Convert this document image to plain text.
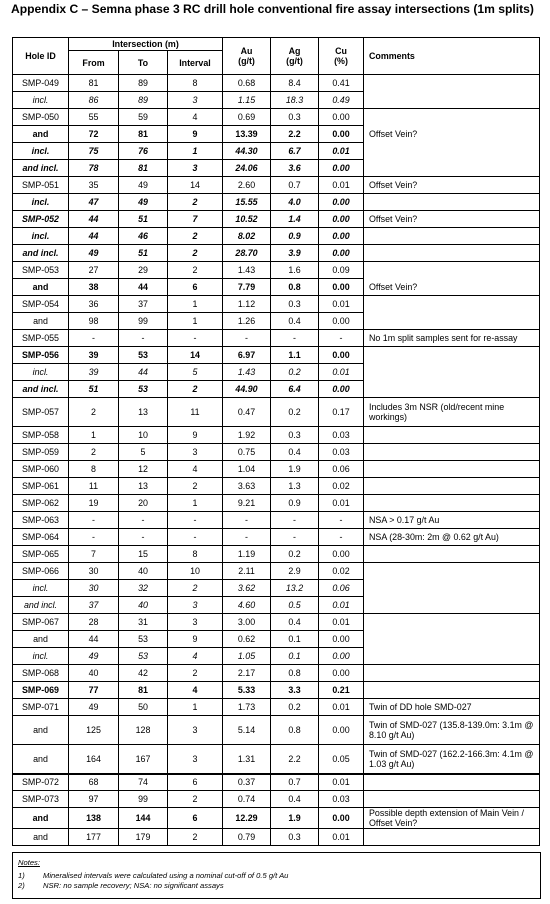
Appendix C – Semna phase 3 RC drill hole conventional fire assay intersections (1m splits)
Hole ID	Intersection (m)			Au
(g/t)	Ag
(g/t)	Cu
(%)	Comments
	From	To	Interval				
SMP-049	81	89	8	0.68	8.4	0.41	
incl.	86	89	3	1.15	18.3	0.49	
SMP-050	55	59	4	0.69	0.3	0.00	Offset Vein?
and	72	81	9	13.39	2.2	0.00	
incl.	75	76	1	44.30	6.7	0.01	
and incl.	78	81	3	24.06	3.6	0.00	
SMP-051	35	49	14	2.60	0.7	0.01	Offset Vein?
incl.	47	49	2	15.55	4.0	0.00	
SMP-052	44	51	7	10.52	1.4	0.00	Offset Vein?
incl.	44	46	2	8.02	0.9	0.00	
and incl.	49	51	2	28.70	3.9	0.00	
SMP-053	27	29	2	1.43	1.6	0.09	Offset Vein?
and	38	44	6	7.79	0.8	0.00	
SMP-054	36	37	1	1.12	0.3	0.01	
and	98	99	1	1.26	0.4	0.00	
SMP-055	-	-	-	-	-	-	No 1m split samples sent for re-assay
SMP-056	39	53	14	6.97	1.1	0.00	
incl.	39	44	5	1.43	0.2	0.01	
and incl.	51	53	2	44.90	6.4	0.00	
SMP-057	2	13	11	0.47	0.2	0.17	Includes 3m NSR (old/recent mine workings)
SMP-058	1	10	9	1.92	0.3	0.03	
SMP-059	2	5	3	0.75	0.4	0.03	
SMP-060	8	12	4	1.04	1.9	0.06	
SMP-061	11	13	2	3.63	1.3	0.02	
SMP-062	19	20	1	9.21	0.9	0.01	
SMP-063	-	-	-	-	-	-	NSA > 0.17 g/t Au
SMP-064	-	-	-	-	-	-	NSA (28-30m: 2m @ 0.62 g/t Au)
SMP-065	7	15	8	1.19	0.2	0.00	
SMP-066	30	40	10	2.11	2.9	0.02	
incl.	30	32	2	3.62	13.2	0.06	
and incl.	37	40	3	4.60	0.5	0.01	
SMP-067	28	31	3	3.00	0.4	0.01	
and	44	53	9	0.62	0.1	0.00	
incl.	49	53	4	1.05	0.1	0.00	
SMP-068	40	42	2	2.17	0.8	0.00	
SMP-069	77	81	4	5.33	3.3	0.21	
SMP-071	49	50	1	1.73	0.2	0.01	Twin of DD hole SMD-027
and	125	128	3	5.14	0.8	0.00	Twin of SMD-027 (135.8-139.0m: 3.1m @ 8.10 g/t Au)
and	164	167	3	1.31	2.2	0.05	Twin of SMD-027 (162.2-166.3m: 4.1m @ 1.03 g/t Au)
SMP-072	68	74	6	0.37	0.7	0.01	
SMP-073	97	99	2	0.74	0.4	0.03	
and	138	144	6	12.29	1.9	0.00	Possible depth extension of Main Vein / Offset Vein?
and	177	179	2	0.79	0.3	0.01	
Notes:
1) Mineralised intervals were calculated using a nominal cut-off of 0.5 g/t Au
2) NSR: no sample recovery; NSA: no significant assays
